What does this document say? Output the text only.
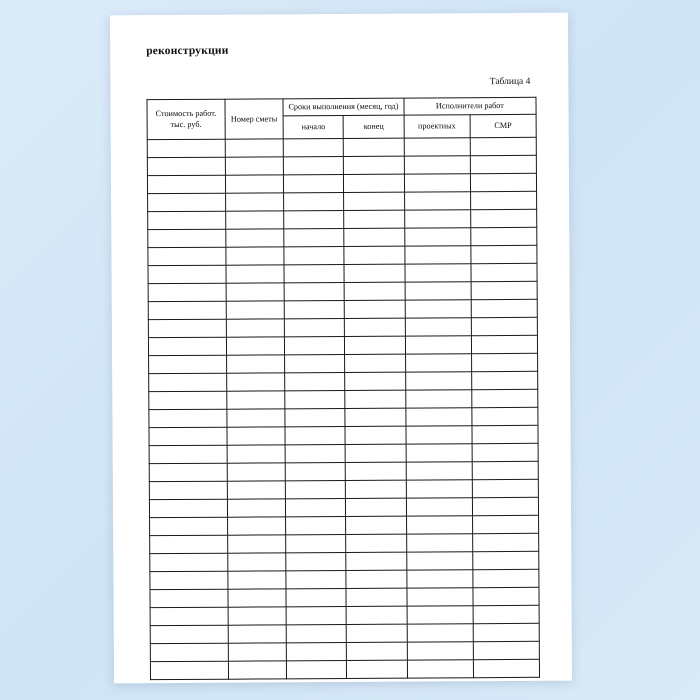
реконструкции
Таблица 4
Стоимость работ. тыс. руб.	Номер сметы	Сроки выполнения (месяц, год)		Исполнители работ	
		начало	конец	проектиых	СМР
